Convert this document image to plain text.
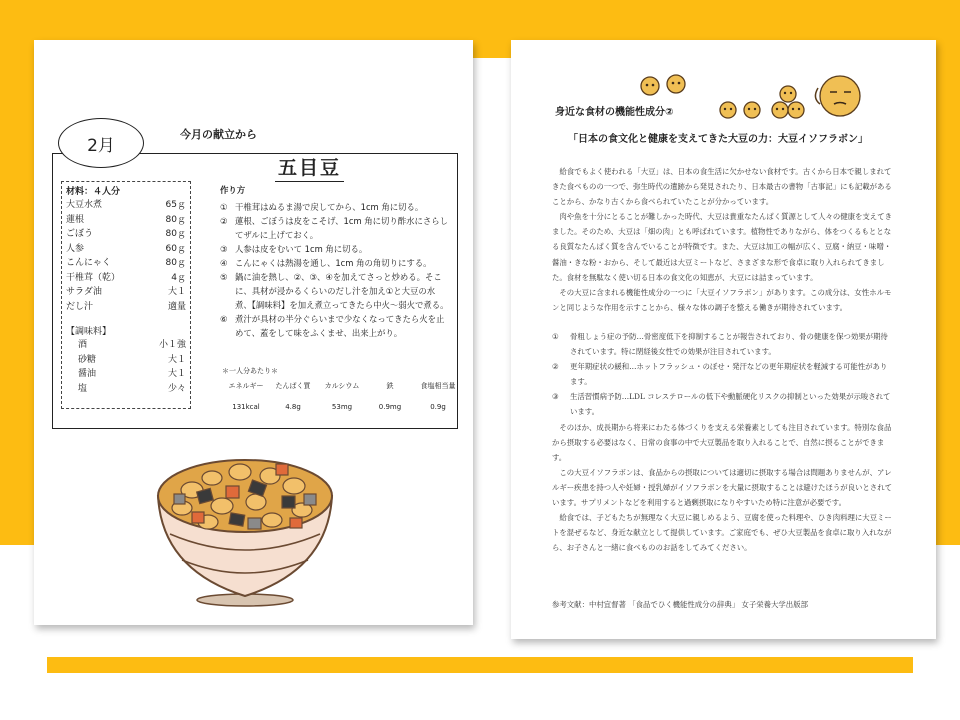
2月
今月の献立から
五目豆
材料：４人分
大豆水煮	65ｇ
蓮根	80ｇ
ごぼう	80ｇ
人参	60ｇ
こんにゃく	80ｇ
干椎茸（乾）	4ｇ
サラダ油	大１
だし汁	適量
【調味料】
酒	小１強
砂糖	大１
醤油	大１
塩	少々
作り方
① 干椎茸はぬるま湯で戻してから、1cm 角に切る。
② 蓮根、ごぼうは皮をこそげ、1cm 角に切り酢水にさらしてザルに上げておく。
③ 人参は皮をむいて 1cm 角に切る。
④ こんにゃくは熱湯を通し、1cm 角の角切りにする。
⑤ 鍋に油を熱し、②、③、④を加えてさっと炒める。そこに、具材が浸かるくらいのだし汁を加え①と大豆の水煮、【調味料】を加え煮立ってきたら中火～弱火で煮る。
⑥ 煮汁が具材の半分ぐらいまで少なくなってきたら火を止めて、蓋をして味をふくませ、出来上がり。
＊一人分あたり＊
エネルギー	たんぱく質	カルシウム	鉄	食塩相当量
131kcal	4.8g	53mg	0.9mg	0.9g
身近な食材の機能性成分②
「日本の食文化と健康を支えてきた大豆の力：大豆イソフラボン」

給食でもよく使われる「大豆」は、日本の食生活に欠かせない食材です。古くから日本で親しまれてきた食べものの一つで、弥生時代の遺跡から発見されたり、日本最古の書物「古事記」にも記載があることから、かなり古くから食べられていたことが分かっています。

肉や魚を十分にとることが難しかった時代、大豆は貴重なたんぱく質源として人々の健康を支えてきました。そのため、大豆は「畑の肉」とも呼ばれています。植物性でありながら、体をつくるもととなる良質なたんぱく質を含んでいることが特徴です。また、大豆は加工の幅が広く、豆腐・納豆・味噌・醤油・きな粉・おから、そして最近は大豆ミートなど、さまざまな形で食卓に取り入れられてきました。食材を無駄なく使い切る日本の食文化の知恵が、大豆には詰まっています。

その大豆に含まれる機能性成分の一つに「大豆イソフラボン」があります。この成分は、女性ホルモンと同じような作用を示すことから、様々な体の調子を整える働きが期待されています。

①	骨粗しょう症の予防…骨密度低下を抑制することが報告されており、骨の健康を保つ効果が期待されています。特に閉経後女性での効果が注目されています。
②	更年期症状の緩和…ホットフラッシュ・のぼせ・発汗などの更年期症状を軽減する可能性があります。
③	生活習慣病予防…LDL コレステロールの低下や動脈硬化リスクの抑制といった効果が示唆されています。

そのほか、成長期から将来にわたる体づくりを支える栄養素としても注目されています。特別な食品から摂取する必要はなく、日常の食事の中で大豆製品を取り入れることで、自然に摂ることができます。

この大豆イソフラボンは、食品からの摂取については適切に摂取する場合は問題ありませんが、アレルギー疾患を持つ人や妊婦・授乳婦がイソフラボンを大量に摂取することは避けたほうが良いとされています。サプリメントなどを利用すると過剰摂取になりやすいため特に注意が必要です。

給食では、子どもたちが無理なく大豆に親しめるよう、豆腐を使った料理や、ひき肉料理に大豆ミートを混ぜるなど、身近な献立として提供しています。ご家庭でも、ぜひ大豆製品を食卓に取り入れながら、お子さんと一緒に食べもののお話をしてみてください。

参考文献：中村宜督著 「食品でひく機能性成分の辞典」 女子栄養大学出版部
